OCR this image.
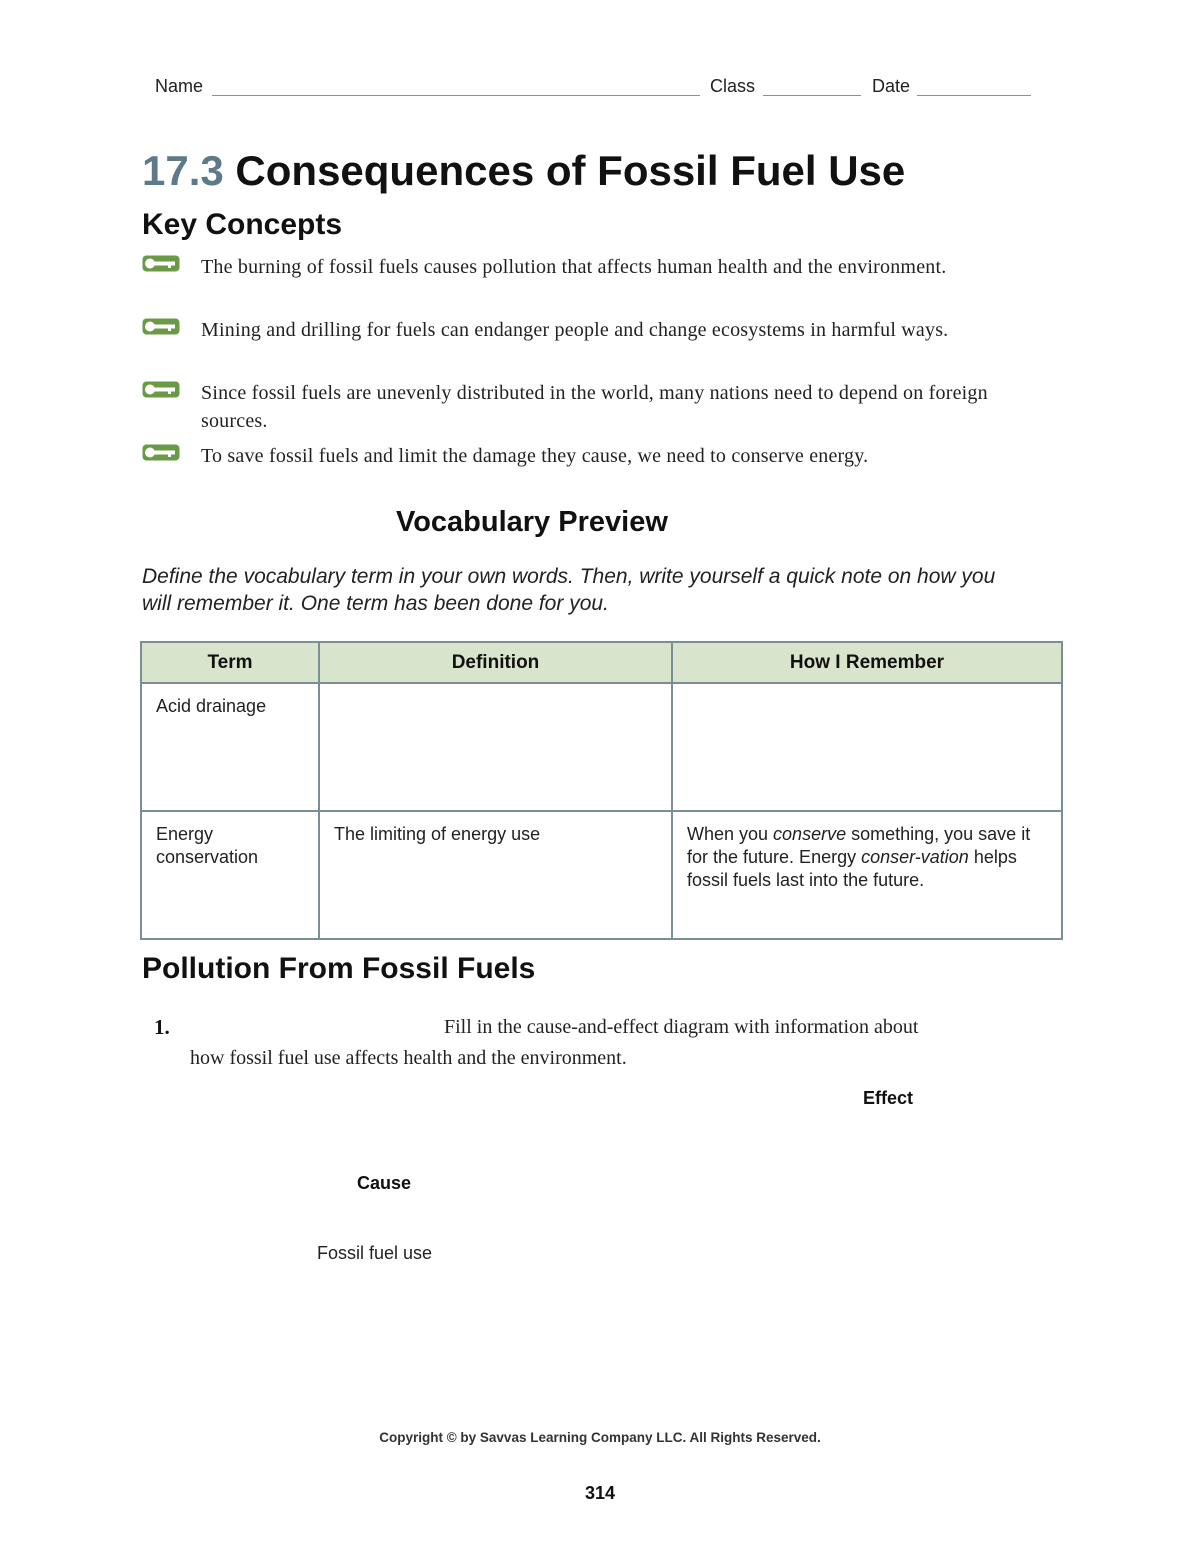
Name	Class	Date
17.3 Consequences of Fossil Fuel Use
Key Concepts
The burning of fossil fuels causes pollution that affects human health and the environment.
Mining and drilling for fuels can endanger people and change ecosystems in harmful ways.
Since fossil fuels are unevenly distributed in the world, many nations need to depend on foreign sources.
To save fossil fuels and limit the damage they cause, we need to conserve energy.
Vocabulary Preview
Define the vocabulary term in your own words. Then, write yourself a quick note on how you will remember it. One term has been done for you.
Term	Definition	How I Remember
Acid drainage		
Energy conservation	The limiting of energy use	When you conserve something, you save it for the future. Energy conser-vation helps fossil fuels last into the future.
Pollution From Fossil Fuels
1.	Fill in the cause-and-effect diagram with information about
how fossil fuel use affects health and the environment.
Effect
Cause
Fossil fuel use
Copyright © by Savvas Learning Company LLC. All Rights Reserved.
314
